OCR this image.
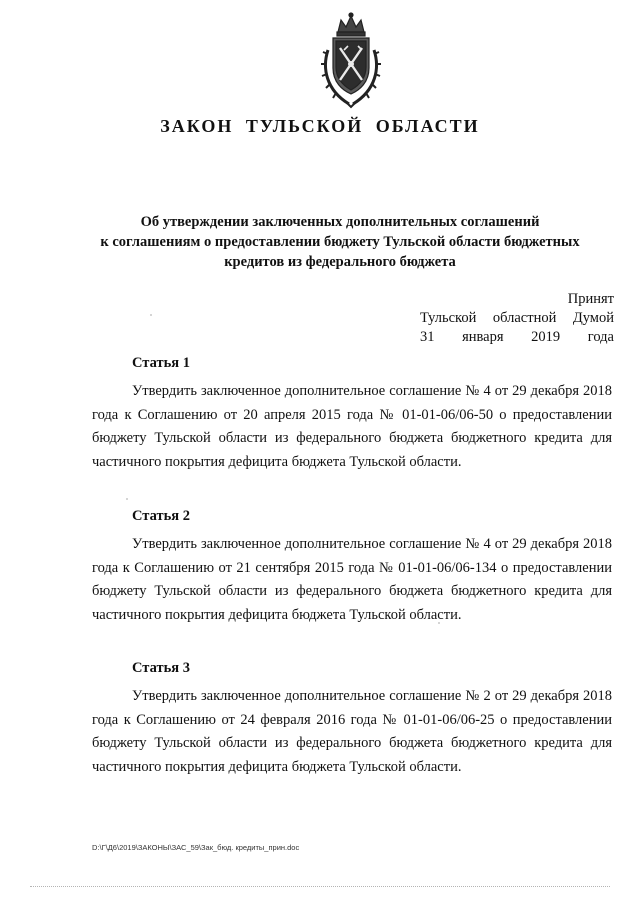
ЗАКОН ТУЛЬСКОЙ ОБЛАСТИ
Об утверждении заключенных дополнительных соглашений
к соглашениям о предоставлении бюджету Тульской области бюджетных
кредитов из федерального бюджета
Принят
Тульской областной Думой
31 января 2019 года
Статья 1
Утвердить заключенное дополнительное соглашение № 4 от 29 декабря 2018 года к Соглашению от 20 апреля 2015 года № 01-01-06/06-50 о предоставлении бюджету Тульской области из федерального бюджета бюджетного кредита для частичного покрытия дефицита бюджета Тульской области.
Статья 2
Утвердить заключенное дополнительное соглашение № 4 от 29 декабря 2018 года к Соглашению от 21 сентября 2015 года № 01-01-06/06-134 о предоставлении бюджету Тульской области из федерального бюджета бюджетного кредита для частичного покрытия дефицита бюджета Тульской области.
Статья 3
Утвердить заключенное дополнительное соглашение № 2 от 29 декабря 2018 года к Соглашению от 24 февраля 2016 года № 01-01-06/06-25 о предоставлении бюджету Тульской области из федерального бюджета бюджетного кредита для частичного покрытия дефицита бюджета Тульской области.
D:\Г\Д6\2019\ЗАКОНЫ\ЗАС_59\Зак_бюд. кредиты_прин.doc
